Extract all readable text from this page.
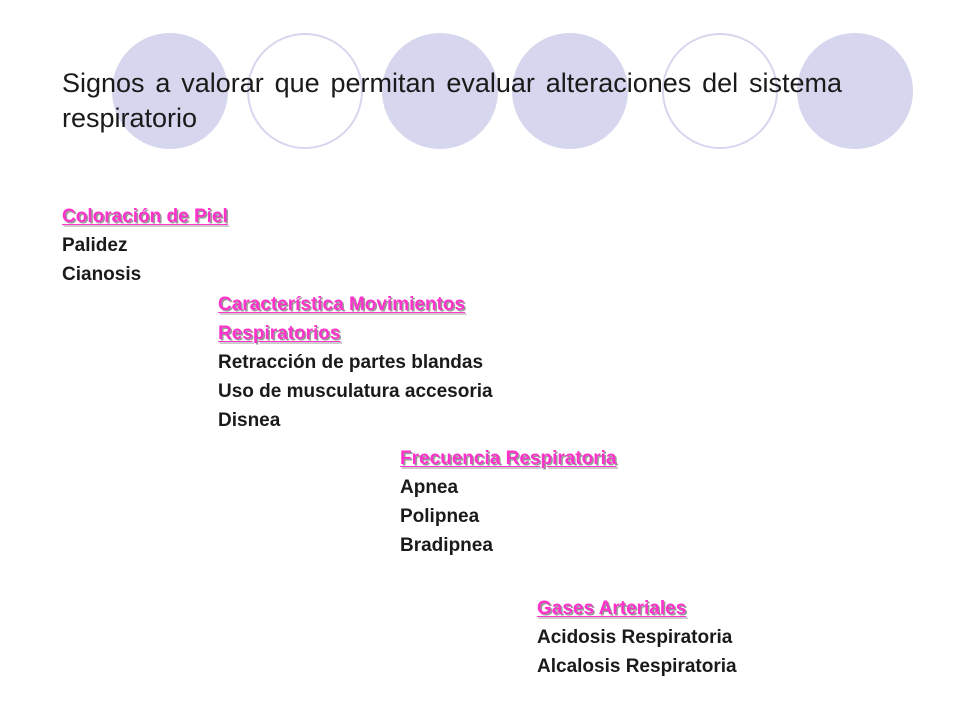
Signos a valorar que permitan evaluar alteraciones del sistema respiratorio
Coloración de Piel
Palidez
Cianosis
Característica Movimientos
Respiratorios
Retracción de partes blandas
Uso de musculatura accesoria
Disnea
Frecuencia Respiratoria
Apnea
Polipnea
Bradipnea
Gases Arteriales
Acidosis Respiratoria
Alcalosis Respiratoria
